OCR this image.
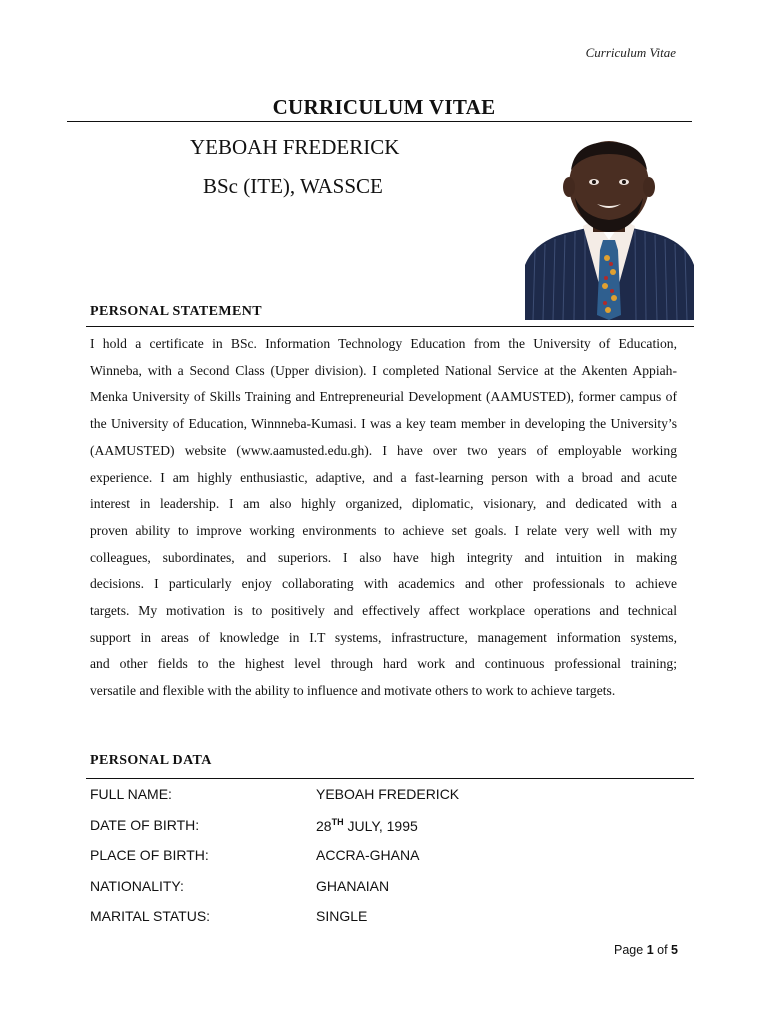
Curriculum Vitae
CURRICULUM VITAE
YEBOAH FREDERICK
BSc (ITE), WASSCE
PERSONAL STATEMENT
I hold a certificate in BSc. Information Technology Education from the University of Education,
Winneba, with a Second Class (Upper division). I completed National Service at the Akenten Appiah-
Menka University of Skills Training and Entrepreneurial Development (AAMUSTED), former campus of
the University of Education, Winnneba-Kumasi. I was a key team member in developing the University’s
(AAMUSTED) website (www.aamusted.edu.gh). I have over two years of employable working
experience. I am highly enthusiastic, adaptive, and a fast-learning person with a broad and acute
interest in leadership. I am also highly organized, diplomatic, visionary, and dedicated with a
proven ability to improve working environments to achieve set goals. I relate very well with my
colleagues, subordinates, and superiors. I also have high integrity and intuition in making
decisions. I particularly enjoy collaborating with academics and other professionals to achieve
targets. My motivation is to positively and effectively affect workplace operations and technical
support in areas of knowledge in I.T systems, infrastructure, management information systems,
and other fields to the highest level through hard work and continuous professional training;
versatile and flexible with the ability to influence and motivate others to work to achieve targets.
PERSONAL DATA
FULL NAME:	YEBOAH FREDERICK
DATE OF BIRTH:	28TH JULY, 1995
PLACE OF BIRTH:	ACCRA-GHANA
NATIONALITY:	GHANAIAN
MARITAL STATUS:	SINGLE
Page 1 of 5
